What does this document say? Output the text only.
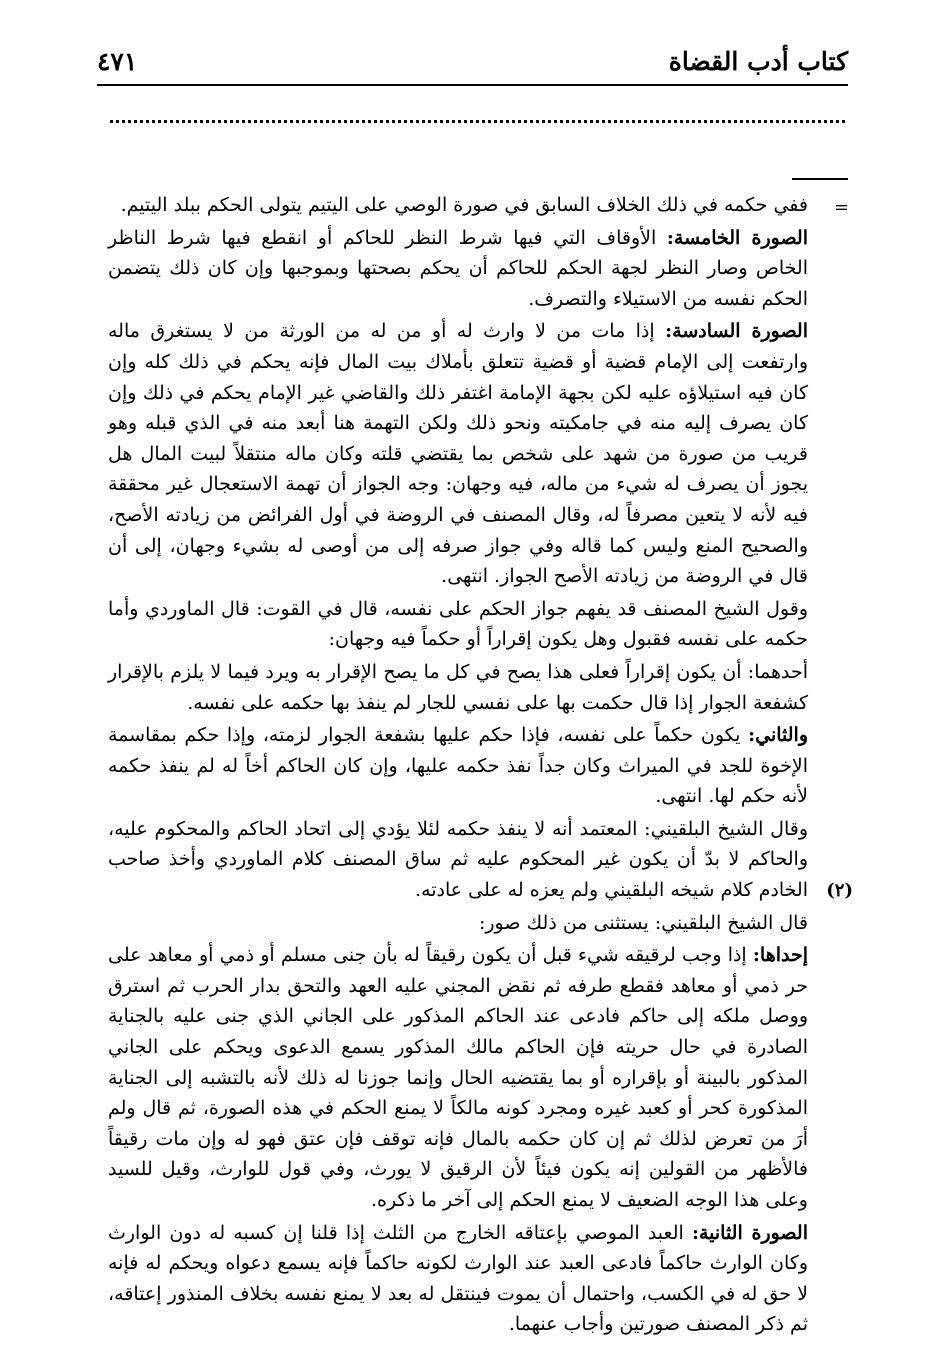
كتاب أدب القضاة
٤٧١
=
(٢)

ففي حكمه في ذلك الخلاف السابق في صورة الوصي على اليتيم يتولى الحكم ببلد اليتيم.

الصورة الخامسة: الأوقاف التي فيها شرط النظر للحاكم أو انقطع فيها شرط الناظر الخاص وصار النظر لجهة الحكم للحاكم أن يحكم بصحتها وبموجبها وإن كان ذلك يتضمن الحكم نفسه من الاستيلاء والتصرف.

الصورة السادسة: إذا مات من لا وارث له أو من له من الورثة من لا يستغرق ماله وارتفعت إلى الإمام قضية أو قضية تتعلق بأملاك بيت المال فإنه يحكم في ذلك كله وإن كان فيه استيلاؤه عليه لكن بجهة الإمامة اغتفر ذلك والقاضي غير الإمام يحكم في ذلك وإن كان يصرف إليه منه في جامكيته ونحو ذلك ولكن التهمة هنا أبعد منه في الذي قبله وهو قريب من صورة من شهد على شخص بما يقتضي قلته وكان ماله منتقلاً لبيت المال هل يجوز أن يصرف له شيء من ماله، فيه وجهان: وجه الجواز أن تهمة الاستعجال غير محققة فيه لأنه لا يتعين مصرفاً له، وقال المصنف في الروضة في أول الفرائض من زيادته الأصح، والصحيح المنع وليس كما قاله وفي جواز صرفه إلى من أوصى له بشيء وجهان، إلى أن قال في الروضة من زيادته الأصح الجواز. انتهى.

وقول الشيخ المصنف قد يفهم جواز الحكم على نفسه، قال في القوت: قال الماوردي وأما حكمه على نفسه فقبول وهل يكون إقراراً أو حكماً فيه وجهان:

أحدهما: أن يكون إقراراً فعلى هذا يصح في كل ما يصح الإقرار به ويرد فيما لا يلزم بالإقرار كشفعة الجوار إذا قال حكمت بها على نفسي للجار لم ينفذ بها حكمه على نفسه.

والثاني: يكون حكماً على نفسه، فإذا حكم عليها بشفعة الجوار لزمته، وإذا حكم بمقاسمة الإخوة للجد في الميراث وكان جداً نفذ حكمه عليها، وإن كان الحاكم أخاً له لم ينفذ حكمه لأنه حكم لها. انتهى.

وقال الشيخ البلقيني: المعتمد أنه لا ينفذ حكمه لئلا يؤدي إلى اتحاد الحاكم والمحكوم عليه، والحاكم لا بدّ أن يكون غير المحكوم عليه ثم ساق المصنف كلام الماوردي وأخذ صاحب الخادم كلام شيخه البلقيني ولم يعزه له على عادته.

قال الشيخ البلقيني: يستثنى من ذلك صور:

إحداها: إذا وجب لرقيقه شيء قبل أن يكون رقيقاً له بأن جنى مسلم أو ذمي أو معاهد على حر ذمي أو معاهد فقطع طرفه ثم نقض المجني عليه العهد والتحق بدار الحرب ثم استرق ووصل ملكه إلى حاكم فادعى عند الحاكم المذكور على الجاني الذي جنى عليه بالجناية الصادرة في حال حريته فإن الحاكم مالك المذكور يسمع الدعوى ويحكم على الجاني المذكور بالبينة أو بإقراره أو بما يقتضيه الحال وإنما جوزنا له ذلك لأنه بالتشبه إلى الجناية المذكورة كحر أو كعبد غيره ومجرد كونه مالكاً لا يمنع الحكم في هذه الصورة، ثم قال ولم أرَ من تعرض لذلك ثم إن كان حكمه بالمال فإنه توقف فإن عتق فهو له وإن مات رقيقاً فالأظهر من القولين إنه يكون فيئاً لأن الرقيق لا يورث، وفي قول للوارث، وقيل للسيد وعلى هذا الوجه الضعيف لا يمنع الحكم إلى آخر ما ذكره.

الصورة الثانية: العبد الموصي بإعتاقه الخارج من الثلث إذا قلنا إن كسبه له دون الوارث وكان الوارث حاكماً فادعى العبد عند الوارث لكونه حاكماً فإنه يسمع دعواه ويحكم له فإنه لا حق له في الكسب، واحتمال أن يموت فينتقل له بعد لا يمنع نفسه بخلاف المنذور إعتاقه، ثم ذكر المصنف صورتين وأجاب عنهما.
